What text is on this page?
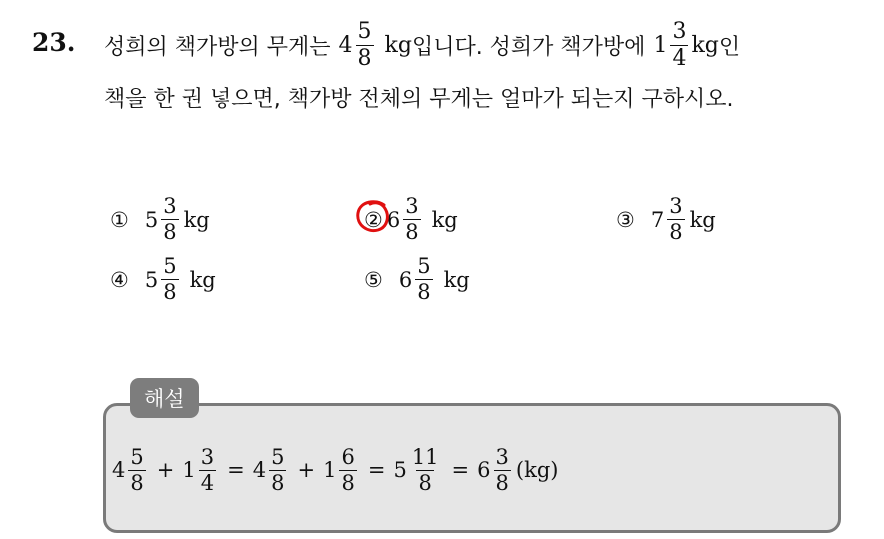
23. 성희의 책가방의 무게는 $4 \frac{5}{8}$ kg 입니다. 성희가 책가방에 $1 \frac{3}{4}$ kg 인
책을 한 권 넣으면, 책가방 전체의 무게는 얼마가 되는지 구하시오.
① $5 \frac{3}{8}$ kg	② $6 \frac{3}{8}$ kg	③ $7 \frac{3}{8}$ kg
④ $5 \frac{5}{8}$ kg	⑤ $6 \frac{5}{8}$ kg
해설
$4 \frac{5}{8} + 1 \frac{3}{4} = 4 \frac{5}{8} + 1 \frac{6}{8} = 5 \frac{11}{8} = 6 \frac{3}{8} (kg)$
